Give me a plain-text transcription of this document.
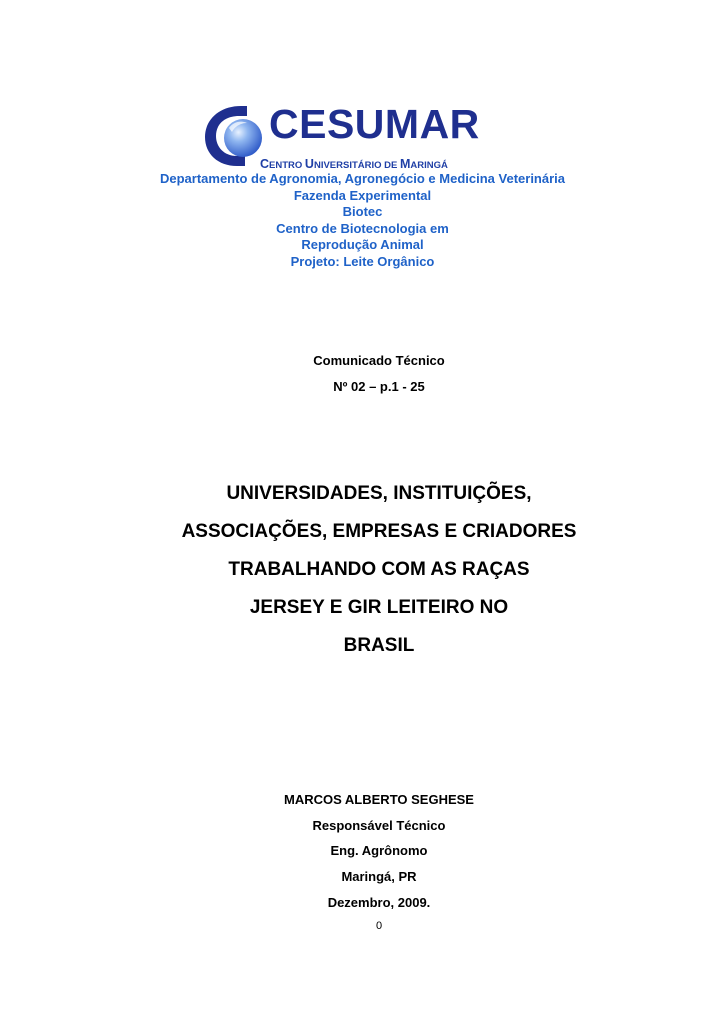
CESUMAR
CENTRO UNIVERSITÁRIO DE MARINGÁ
Departamento de Agronomia, Agronegócio e Medicina Veterinária
Fazenda Experimental
Biotec
Centro de Biotecnologia em
Reprodução Animal
Projeto: Leite Orgânico
Comunicado Técnico
Nº 02 – p.1 - 25
UNIVERSIDADES, INSTITUIÇÕES,
ASSOCIAÇÕES, EMPRESAS E CRIADORES
TRABALHANDO COM AS RAÇAS
JERSEY E GIR LEITEIRO NO
BRASIL
MARCOS ALBERTO SEGHESE
Responsável Técnico
Eng. Agrônomo
Maringá, PR
Dezembro, 2009.
0
